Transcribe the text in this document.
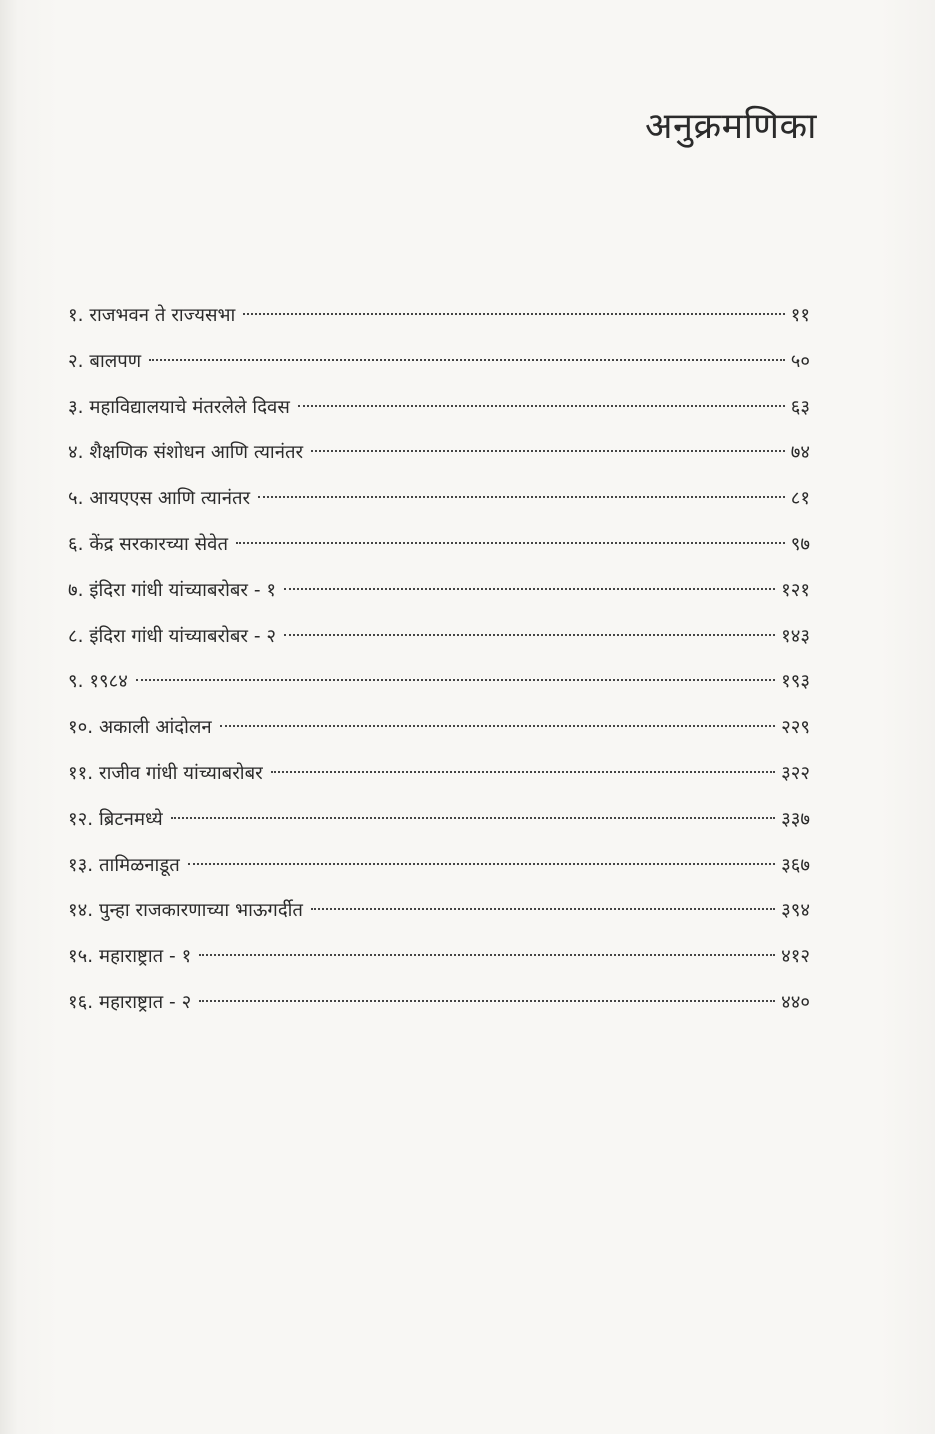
अनुक्रमणिका
१. राजभवन ते राज्यसभा	११
२. बालपण	५०
३. महाविद्यालयाचे मंतरलेले दिवस	६३
४. शैक्षणिक संशोधन आणि त्यानंतर	७४
५. आयएएस आणि त्यानंतर	८१
६. केंद्र सरकारच्या सेवेत	९७
७. इंदिरा गांधी यांच्याबरोबर - १	१२१
८. इंदिरा गांधी यांच्याबरोबर - २	१४३
९. १९८४	१९३
१०. अकाली आंदोलन	२२९
११. राजीव गांधी यांच्याबरोबर	३२२
१२. ब्रिटनमध्ये	३३७
१३. तामिळनाडूत	३६७
१४. पुन्हा राजकारणाच्या भाऊगर्दीत	३९४
१५. महाराष्ट्रात - १	४१२
१६. महाराष्ट्रात - २	४४०
